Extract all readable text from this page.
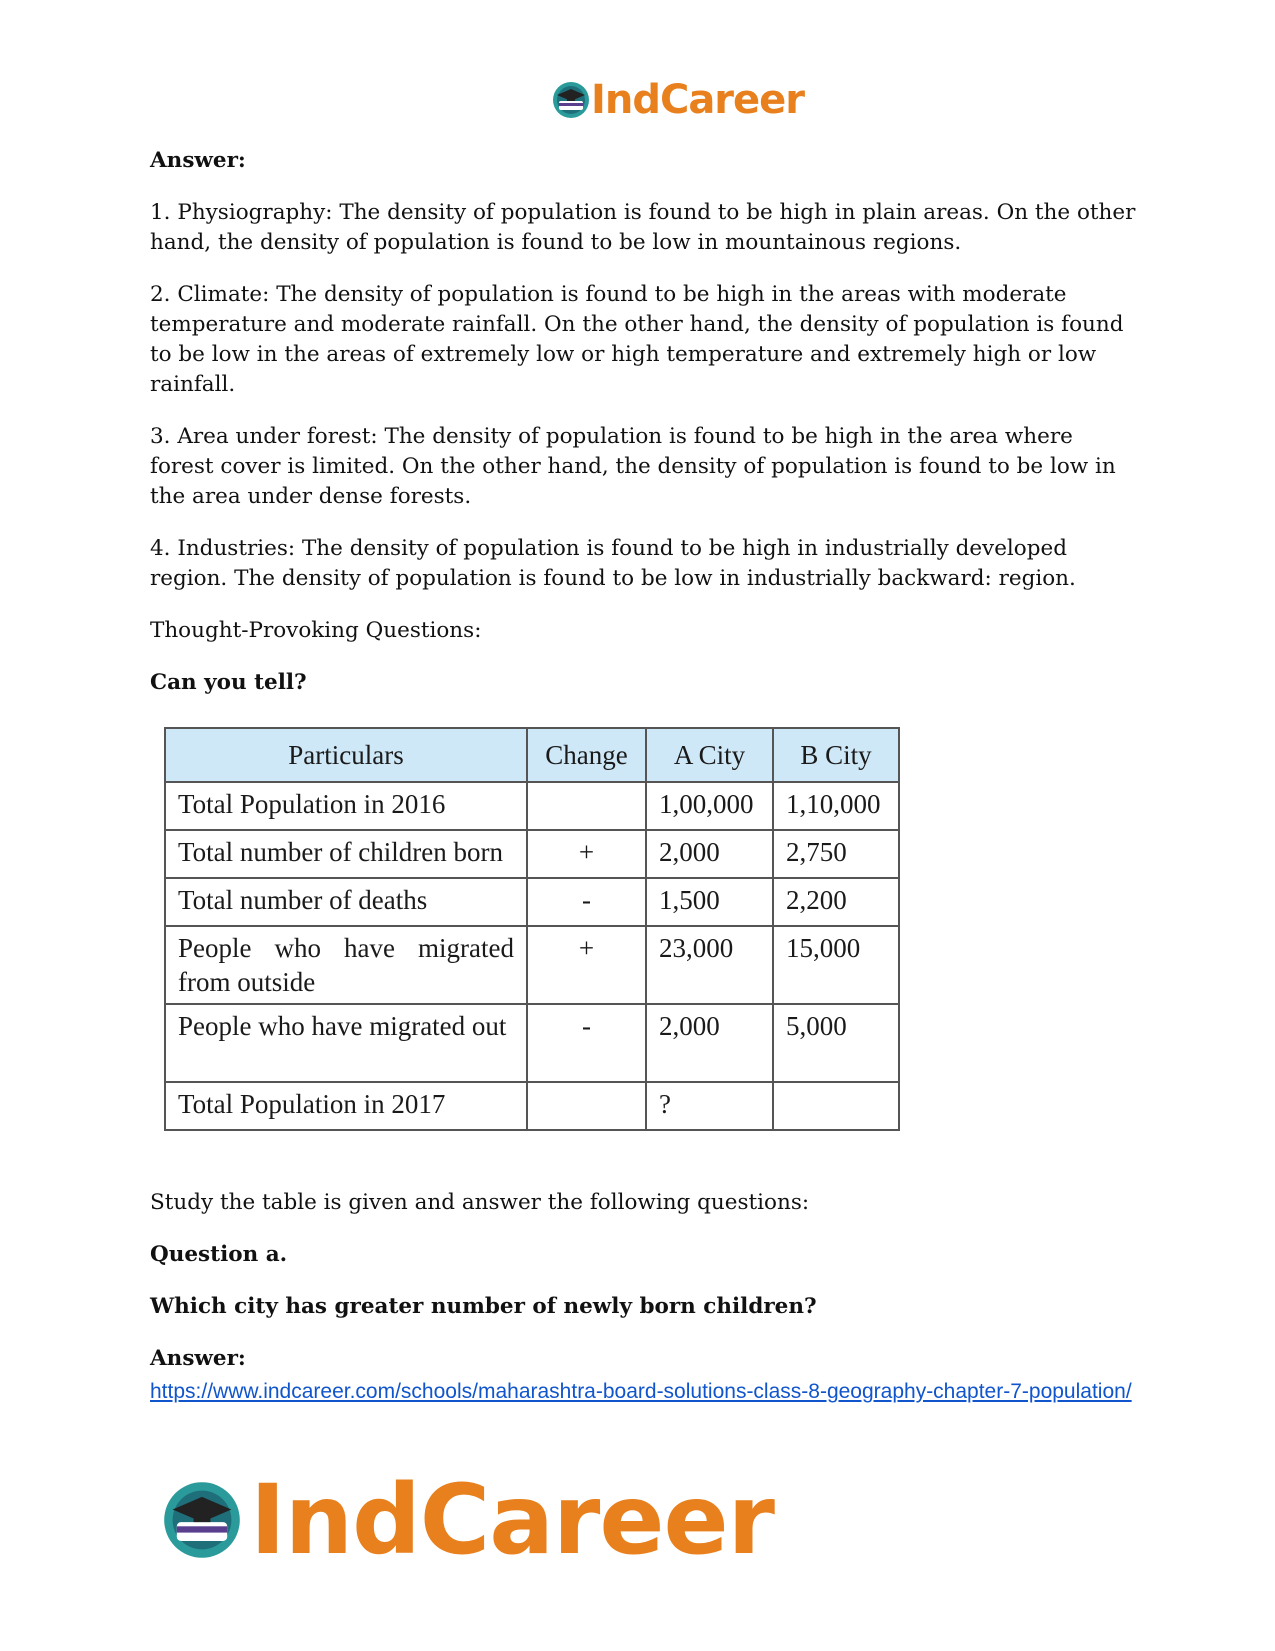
IndCareer

Answer:

1. Physiography: The density of population is found to be high in plain areas. On the other hand, the density of population is found to be low in mountainous regions.

2. Climate: The density of population is found to be high in the areas with moderate temperature and moderate rainfall. On the other hand, the density of population is found to be low in the areas of extremely low or high temperature and extremely high or low rainfall.

3. Area under forest: The density of population is found to be high in the area where forest cover is limited. On the other hand, the density of population is found to be low in the area under dense forests.

4. Industries: The density of population is found to be high in industrially developed region. The density of population is found to be low in industrially backward: region.

Thought-Provoking Questions:

Can you tell?

Particulars	Change	A City	B City
Total Population in 2016		1,00,000	1,10,000
Total number of children born	+	2,000	2,750
Total number of deaths	-	1,500	2,200
People who have migrated from outside	+	23,000	15,000
People who have migrated out	-	2,000	5,000
Total Population in 2017		?	

Study the table is given and answer the following questions:

Question a.

Which city has greater number of newly born children?

Answer:

https://www.indcareer.com/schools/maharashtra-board-solutions-class-8-geography-chapter-7-population/
IndCareer
